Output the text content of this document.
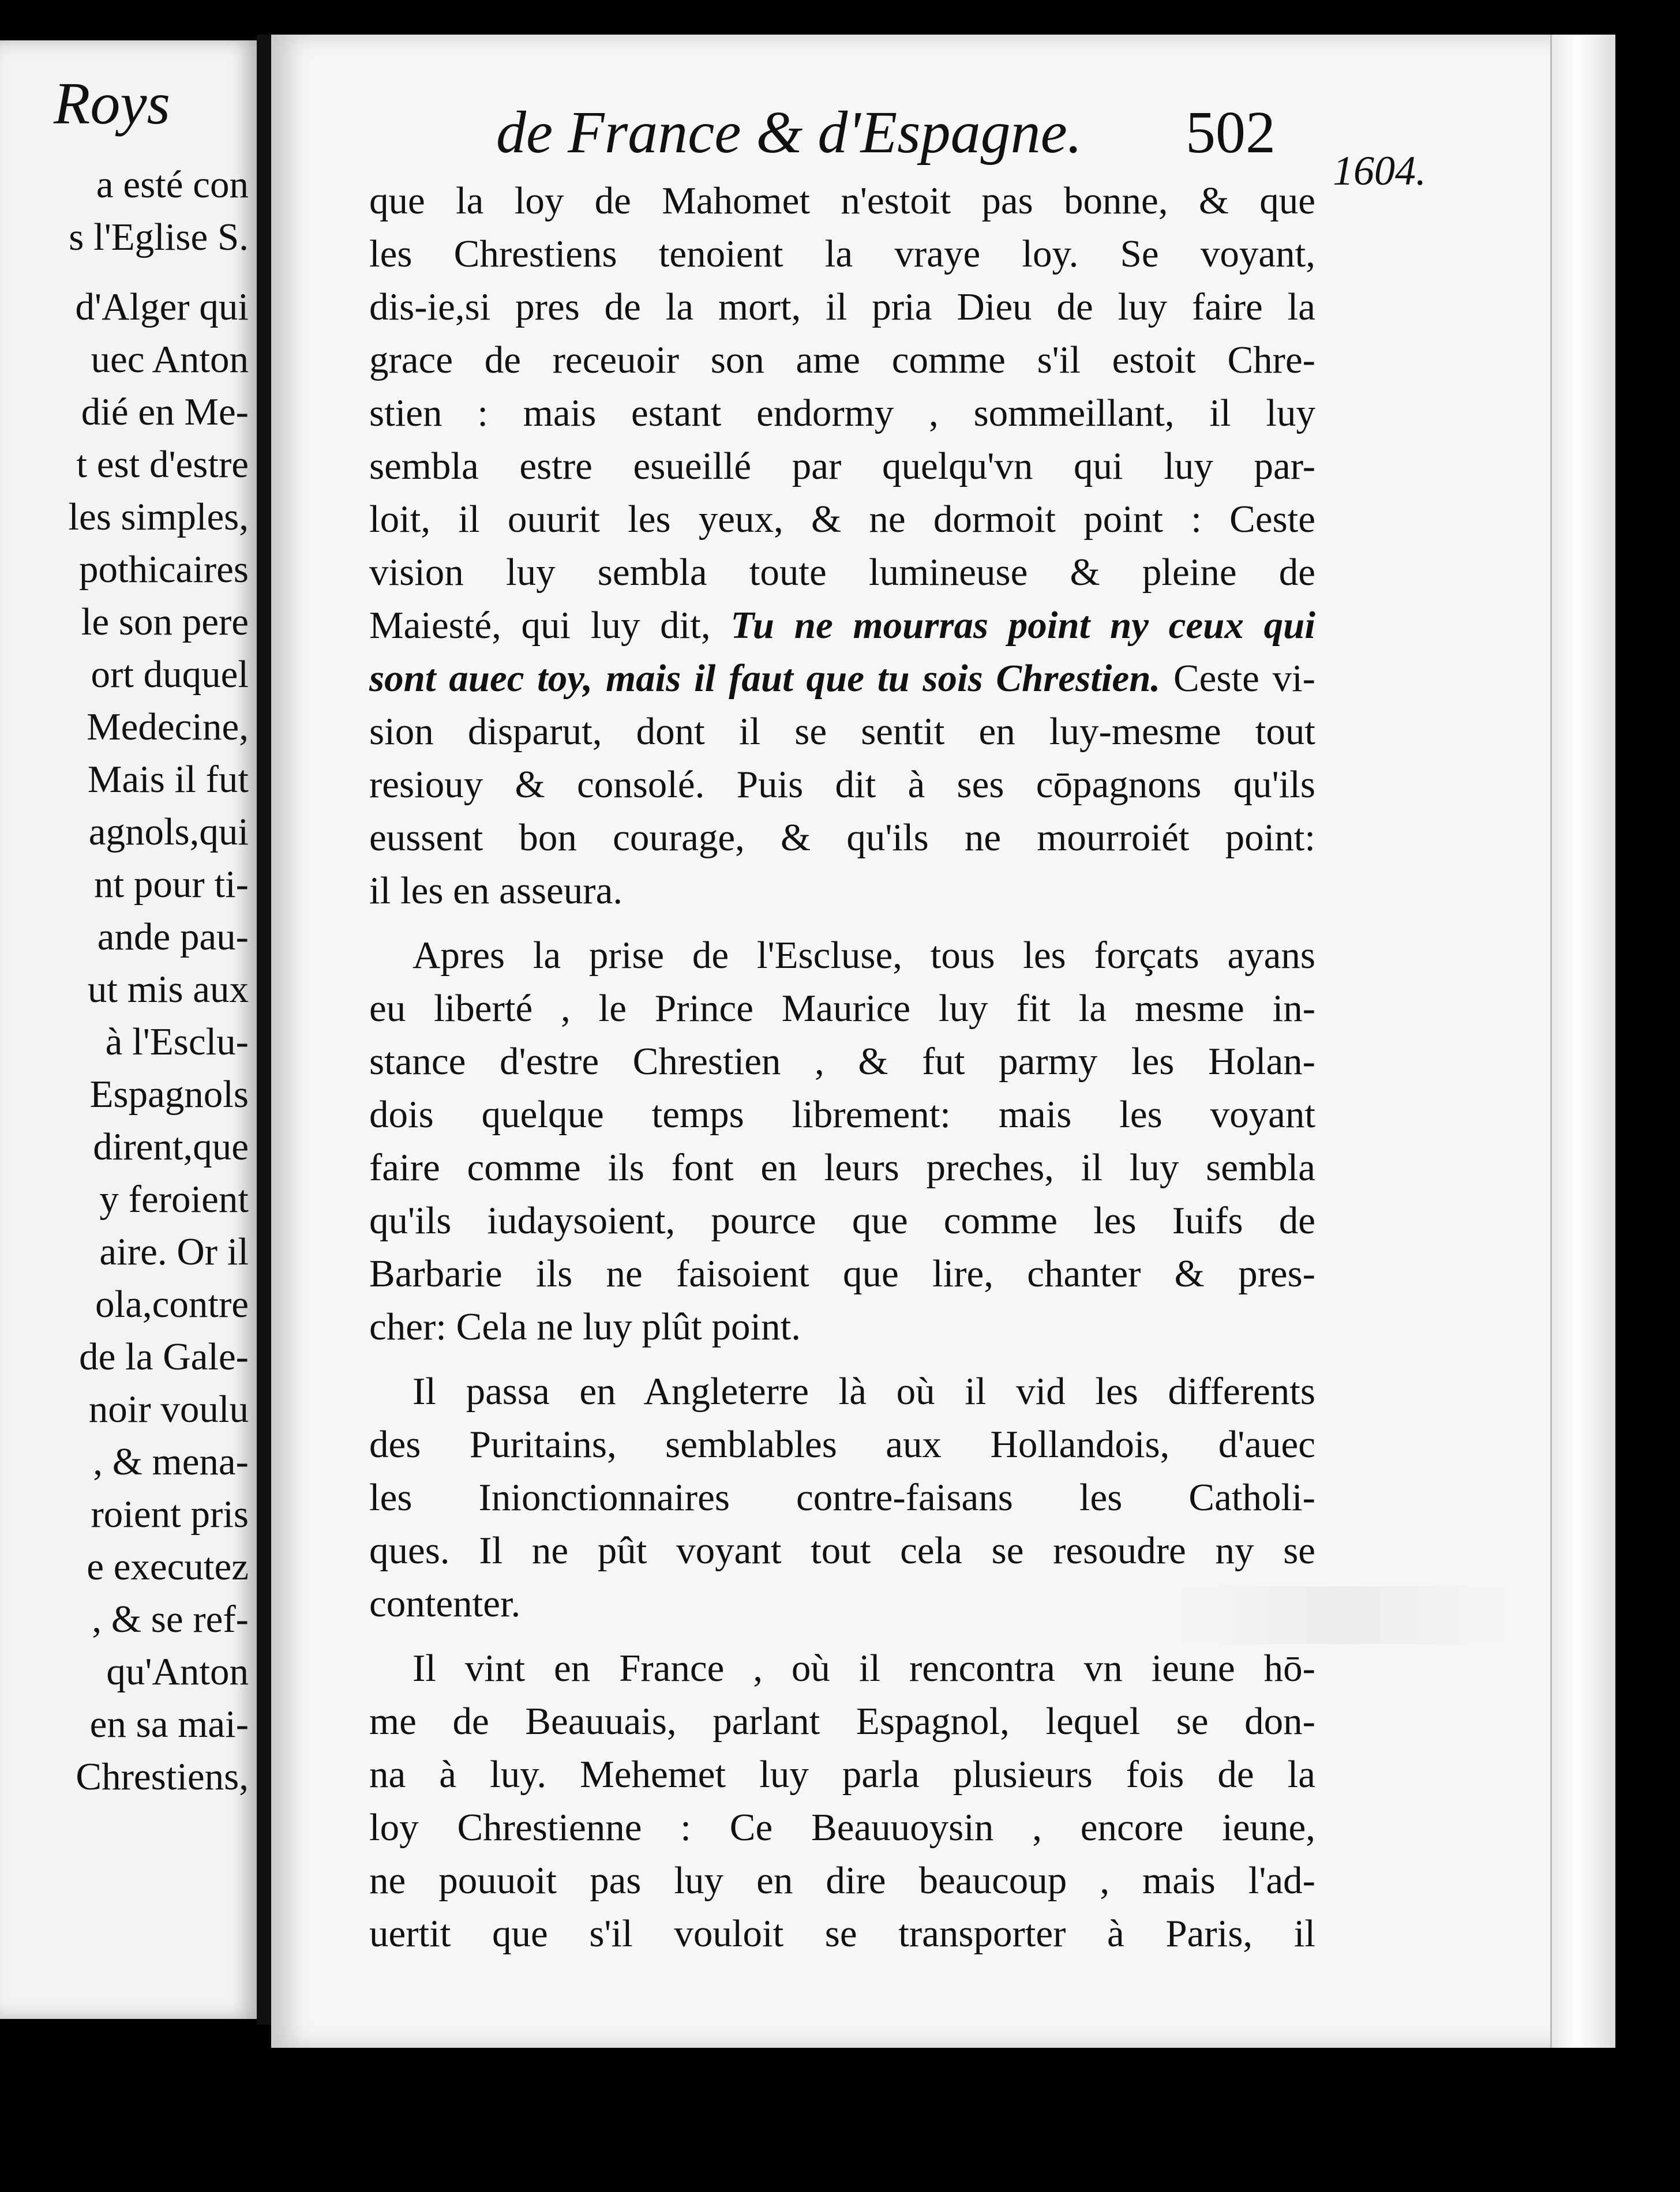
Roys
a esté con
s l'Eglise S.
d'Alger qui
uec Anton
dié en Me-
t est d'estre
les simples,
pothicaires
le son pere
ort duquel
Medecine,
Mais il fut
agnols,qui
nt pour ti-
ande pau-
ut mis aux
à l'Esclu-
Espagnols
dirent,que
y feroient
aire. Or il
ola,contre
de la Gale-
noir voulu
, & mena-
roient pris
e executez
, & se ref-
qu'Anton
en sa mai-
Chrestiens,
de France & d'Espagne. 502
1604.
que la loy de Mahomet n'estoit pas bonne, & que
les Chrestiens tenoient la vraye loy. Se voyant,
dis-ie,si pres de la mort, il pria Dieu de luy faire la
grace de receuoir son ame comme s'il estoit Chre-
stien : mais estant endormy , sommeillant, il luy
sembla estre esueillé par quelqu'vn qui luy par-
loit, il ouurit les yeux, & ne dormoit point : Ceste
vision luy sembla toute lumineuse & pleine de
Maiesté, qui luy dit, Tu ne mourras point ny ceux qui
sont auec toy, mais il faut que tu sois Chrestien. Ceste vi-
sion disparut, dont il se sentit en luy-mesme tout
resiouy & consolé. Puis dit à ses cōpagnons qu'ils
eussent bon courage, & qu'ils ne mourroiét point:
il les en asseura.
Apres la prise de l'Escluse, tous les forçats ayans
eu liberté , le Prince Maurice luy fit la mesme in-
stance d'estre Chrestien , & fut parmy les Holan-
dois quelque temps librement: mais les voyant
faire comme ils font en leurs preches, il luy sembla
qu'ils iudaysoient, pource que comme les Iuifs de
Barbarie ils ne faisoient que lire, chanter & pres-
cher: Cela ne luy plût point.
Il passa en Angleterre là où il vid les differents
des Puritains, semblables aux Hollandois, d'auec
les Inionctionnaires contre-faisans les Catholi-
ques. Il ne pût voyant tout cela se resoudre ny se
contenter.
Il vint en France , où il rencontra vn ieune hō-
me de Beauuais, parlant Espagnol, lequel se don-
na à luy. Mehemet luy parla plusieurs fois de la
loy Chrestienne : Ce Beauuoysin , encore ieune,
ne pouuoit pas luy en dire beaucoup , mais l'ad-
uertit que s'il vouloit se transporter à Paris, il
